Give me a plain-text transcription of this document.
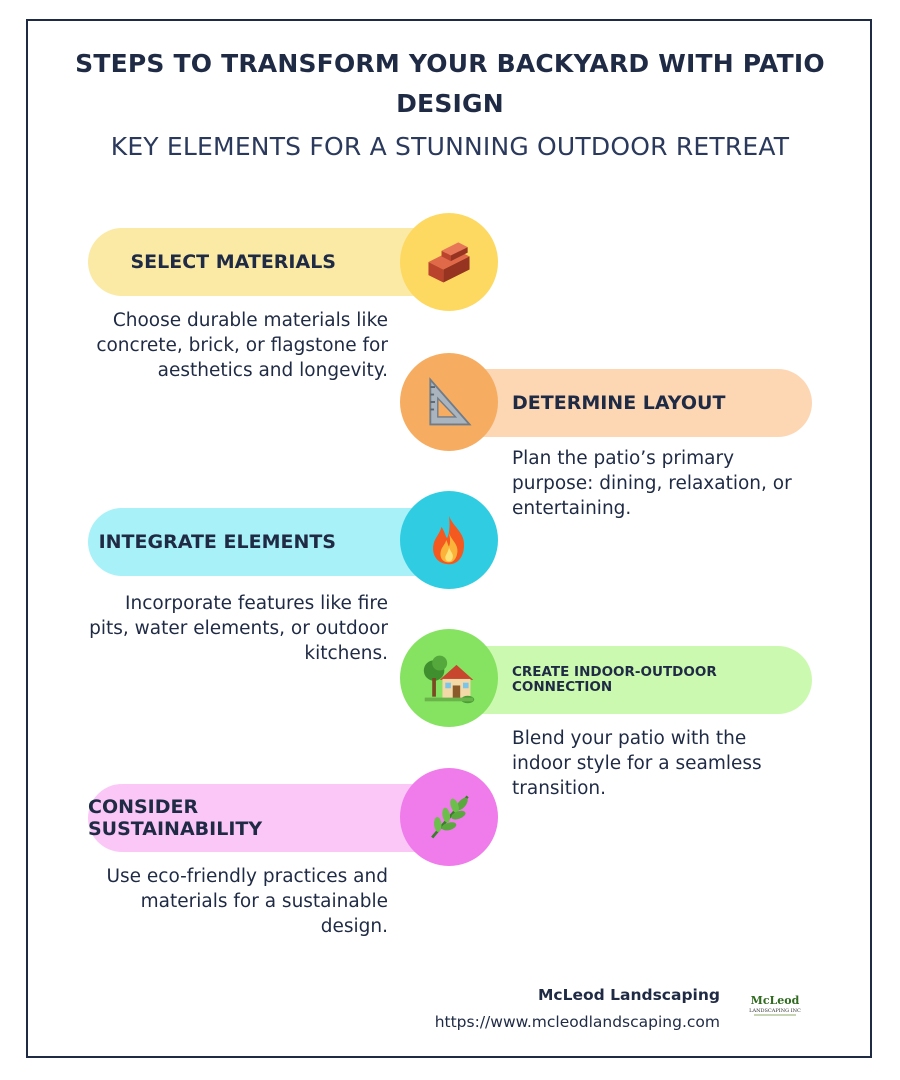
STEPS TO TRANSFORM YOUR BACKYARD WITH PATIO DESIGN
KEY ELEMENTS FOR A STUNNING OUTDOOR RETREAT
SELECT MATERIALS
Choose durable materials like concrete, brick, or flagstone for aesthetics and longevity.
DETERMINE LAYOUT
Plan the patio’s primary purpose: dining, relaxation, or entertaining.
INTEGRATE ELEMENTS
Incorporate features like fire pits, water elements, or outdoor kitchens.
CREATE INDOOR-OUTDOOR CONNECTION
Blend your patio with the indoor style for a seamless transition.
CONSIDER SUSTAINABILITY
Use eco-friendly practices and materials for a sustainable design.
McLeod Landscaping
https://www.mcleodlandscaping.com
McLeod
LANDSCAPING INC
